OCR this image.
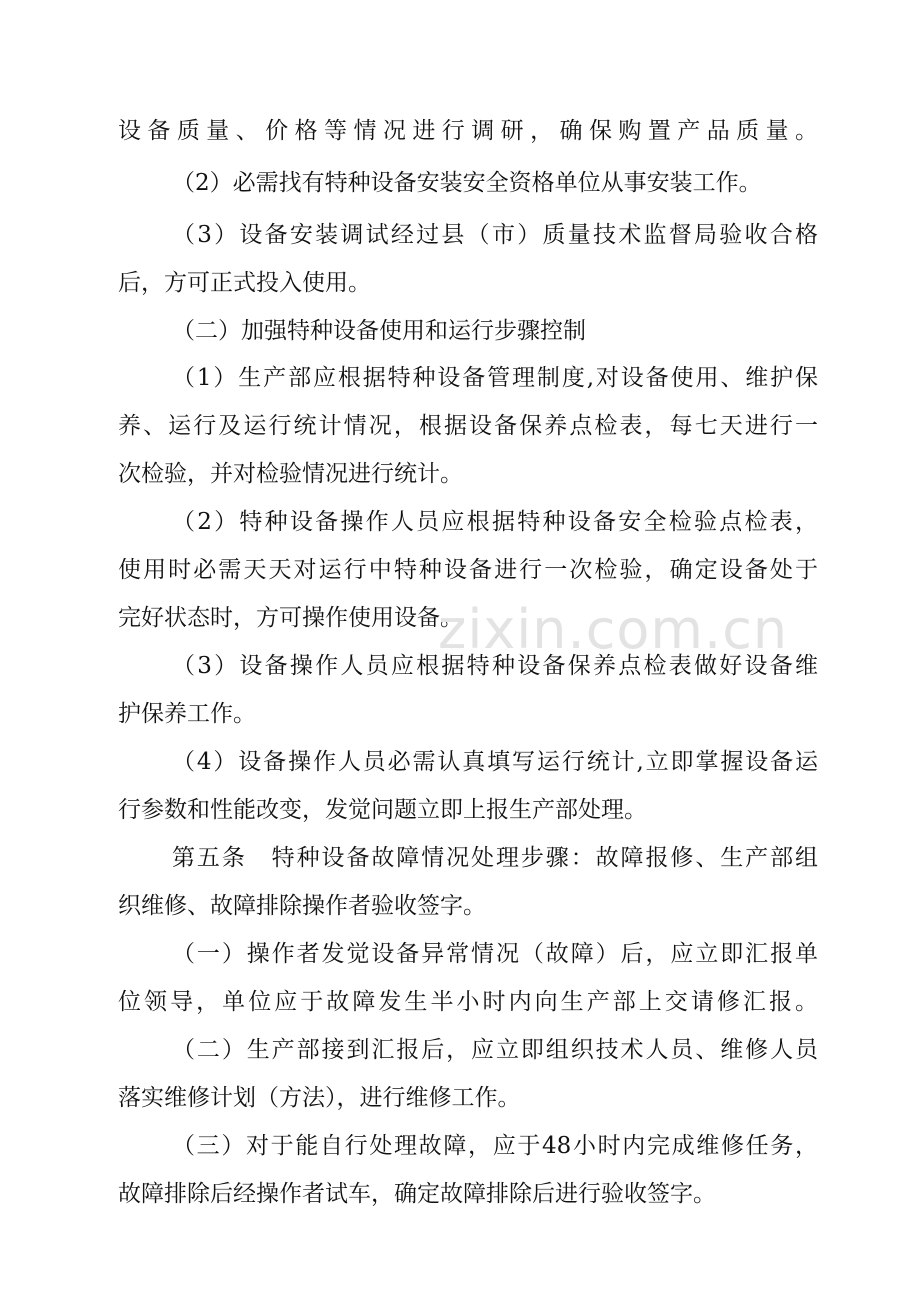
设备质量、价格等情况进行调研，确保购置产品质量。
（2）必需找有特种设备安装安全资格单位从事安装工作。
（3）设备安装调试经过县（市）质量技术监督局验收合格
后，方可正式投入使用。
（二）加强特种设备使用和运行步骤控制
（1）生产部应根据特种设备管理制度,对设备使用、维护保
养、运行及运行统计情况，根据设备保养点检表，每七天进行一
次检验，并对检验情况进行统计。
（2）特种设备操作人员应根据特种设备安全检验点检表，
使用时必需天天对运行中特种设备进行一次检验，确定设备处于
完好状态时，方可操作使用设备。
（3）设备操作人员应根据特种设备保养点检表做好设备维
护保养工作。
（4）设备操作人员必需认真填写运行统计,立即掌握设备运
行参数和性能改变，发觉问题立即上报生产部处理。
第五条　特种设备故障情况处理步骤：故障报修、生产部组
织维修、故障排除操作者验收签字。
（一）操作者发觉设备异常情况（故障）后，应立即汇报单
位领导，单位应于故障发生半小时内向生产部上交请修汇报。
（二）生产部接到汇报后，应立即组织技术人员、维修人员
落实维修计划（方法），进行维修工作。
（三）对于能自行处理故障，应于48小时内完成维修任务，
故障排除后经操作者试车，确定故障排除后进行验收签字。
zixin.com.cn
